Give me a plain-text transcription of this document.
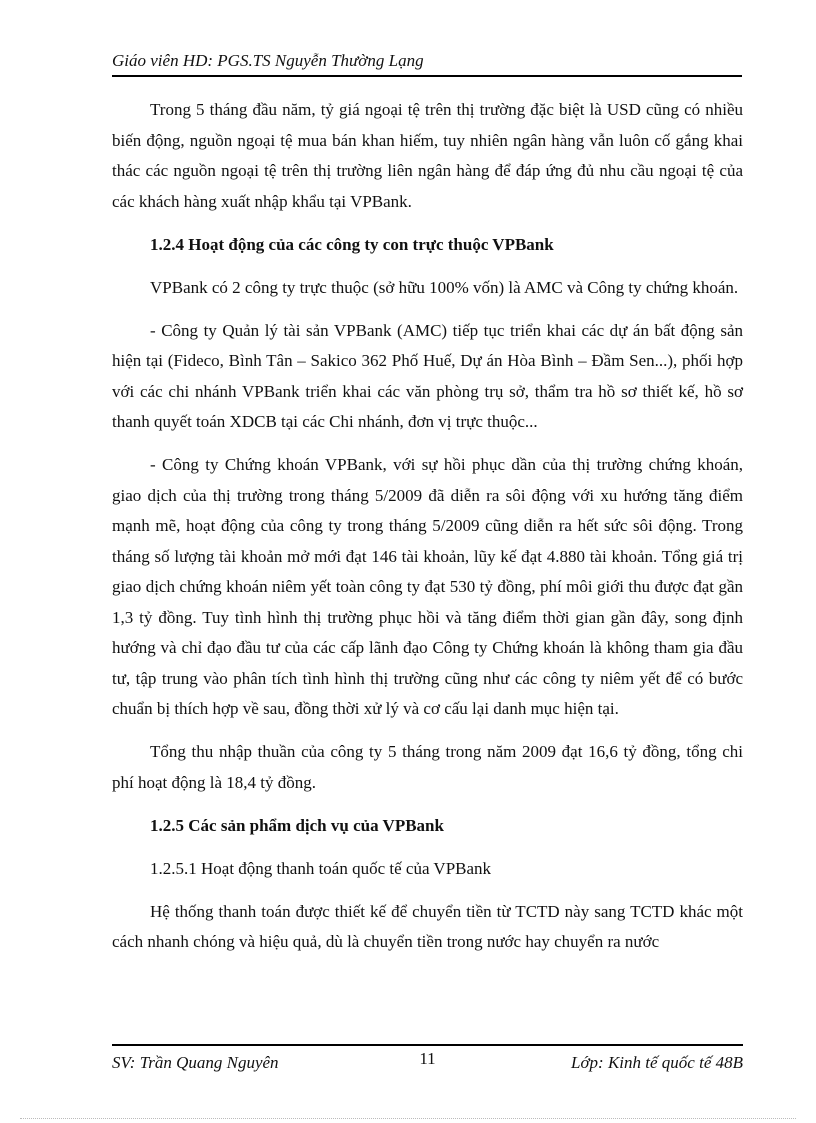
Giáo viên HD: PGS.TS Nguyễn Thường Lạng

Trong 5 tháng đầu năm, tỷ giá ngoại tệ trên thị trường đặc biệt là USD cũng có nhiều biến động, nguồn ngoại tệ mua bán khan hiếm, tuy nhiên ngân hàng vẫn luôn cố gắng khai thác các nguồn ngoại tệ trên thị trường liên ngân hàng để đáp ứng đủ nhu cầu ngoại tệ của các khách hàng xuất nhập khẩu tại VPBank.

1.2.4 Hoạt động của các công ty con trực thuộc VPBank

VPBank có 2 công ty trực thuộc (sở hữu 100% vốn) là AMC và Công ty chứng khoán.

- Công ty Quản lý tài sản VPBank (AMC) tiếp tục triển khai các dự án bất động sản hiện tại (Fideco, Bình Tân – Sakico 362 Phố Huế, Dự án Hòa Bình – Đầm Sen...), phối hợp với các chi nhánh VPBank triển khai các văn phòng trụ sở, thẩm tra hồ sơ thiết kế, hồ sơ thanh quyết toán XDCB tại các Chi nhánh, đơn vị trực thuộc...

- Công ty Chứng khoán VPBank, với sự hồi phục dần của thị trường chứng khoán, giao dịch của thị trường trong tháng 5/2009 đã diễn ra sôi động với xu hướng tăng điểm mạnh mẽ, hoạt động của công ty trong tháng 5/2009 cũng diễn ra hết sức sôi động. Trong tháng số lượng tài khoản mở mới đạt 146 tài khoản, lũy kế đạt 4.880 tài khoản. Tổng giá trị giao dịch chứng khoán niêm yết toàn công ty đạt 530 tỷ đồng, phí môi giới thu được đạt gần 1,3 tỷ đồng. Tuy tình hình thị trường phục hồi và tăng điểm thời gian gần đây, song định hướng và chỉ đạo đầu tư của các cấp lãnh đạo Công ty Chứng khoán là không tham gia đầu tư, tập trung vào phân tích tình hình thị trường cũng như các công ty niêm yết để có bước chuẩn bị thích hợp về sau, đồng thời xử lý và cơ cấu lại danh mục hiện tại.

Tổng thu nhập thuần của công ty 5 tháng trong năm 2009 đạt 16,6 tỷ đồng, tổng chi phí hoạt động là 18,4 tỷ đồng.

1.2.5 Các sản phẩm dịch vụ của VPBank
1.2.5.1 Hoạt động thanh toán quốc tế của VPBank

Hệ thống thanh toán được thiết kế để chuyển tiền từ TCTD này sang TCTD khác một cách nhanh chóng và hiệu quả, dù là chuyển tiền trong nước hay chuyển ra nước

SV: Trần Quang Nguyên	11	Lớp: Kinh tế quốc tế 48B
